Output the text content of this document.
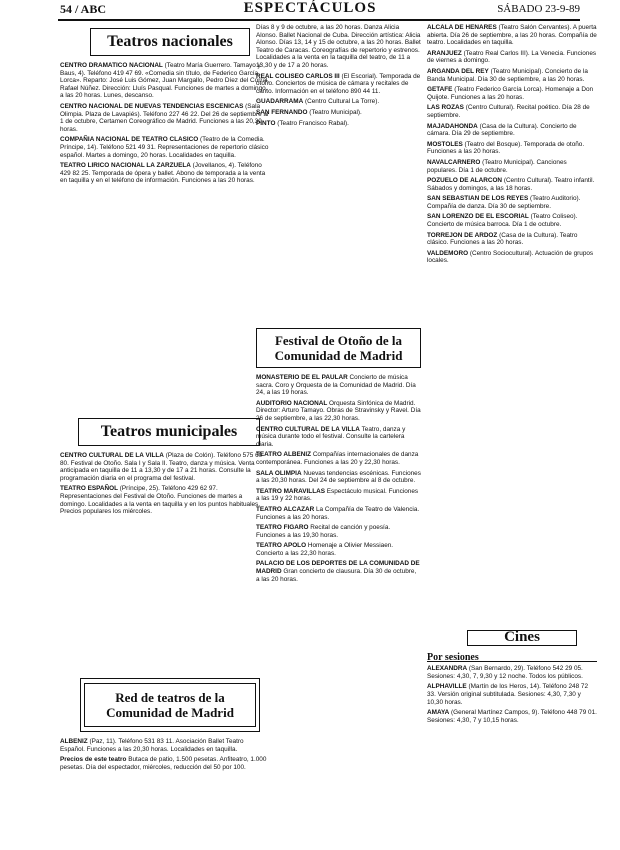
54 / ABC	ESPECTÁCULOS	SÁBADO 23-9-89
Teatros nacionales

CENTRO DRAMATICO NACIONAL (Teatro María Guerrero. Tamayo y Baus, 4). Teléfono 419 47 69. «Comedia sin título, de Federico García Lorca». Reparto: José Luis Gómez, Juan Margallo, Pedro Díez del Corral, Rafael Núñez. Dirección: Lluís Pasqual. Funciones de martes a domingo, a las 20 horas. Lunes, descanso.

CENTRO NACIONAL DE NUEVAS TENDENCIAS ESCENICAS (Sala Olimpia. Plaza de Lavapiés). Teléfono 227 46 22. Del 26 de septiembre al 1 de octubre, Certamen Coreográfico de Madrid. Funciones a las 20,30 horas.

COMPAÑIA NACIONAL DE TEATRO CLASICO (Teatro de la Comedia. Príncipe, 14). Teléfono 521 49 31. Representaciones de repertorio clásico español. Martes a domingo, 20 horas. Localidades en taquilla.

TEATRO LIRICO NACIONAL LA ZARZUELA (Jovellanos, 4). Teléfono 429 82 25. Temporada de ópera y ballet. Abono de temporada a la venta en taquilla y en el teléfono de información. Funciones a las 20 horas.

Teatros municipales

CENTRO CULTURAL DE LA VILLA (Plaza de Colón). Teléfono 575 60 80. Festival de Otoño. Sala I y Sala II. Teatro, danza y música. Venta anticipada en taquilla de 11 a 13,30 y de 17 a 21 horas. Consulte la programación diaria en el programa del festival.

TEATRO ESPAÑOL (Príncipe, 25). Teléfono 429 62 97. Representaciones del Festival de Otoño. Funciones de martes a domingo. Localidades a la venta en taquilla y en los puntos habituales. Precios populares los miércoles.

Red de teatros de la Comunidad de Madrid

ALBENIZ (Paz, 11). Teléfono 531 83 11. Asociación Ballet Teatro Español. Funciones a las 20,30 horas. Localidades en taquilla.

Precios de este teatro Butaca de patio, 1.500 pesetas. Anfiteatro, 1.000 pesetas. Día del espectador, miércoles, reducción del 50 por 100.

Días 8 y 9 de octubre, a las 20 horas. Danza Alicia Alonso. Ballet Nacional de Cuba. Dirección artística: Alicia Alonso. Días 13, 14 y 15 de octubre, a las 20 horas. Ballet Teatro de Caracas. Coreografías de repertorio y estrenos. Localidades a la venta en la taquilla del teatro, de 11 a 13,30 y de 17 a 20 horas.

REAL COLISEO CARLOS III (El Escorial). Temporada de otoño. Conciertos de música de cámara y recitales de canto. Información en el teléfono 890 44 11.

GUADARRAMA (Centro Cultural La Torre).

SAN FERNANDO (Teatro Municipal).

PINTO (Teatro Francisco Rabal).

Festival de Otoño de la Comunidad de Madrid

MONASTERIO DE EL PAULAR Concierto de música sacra. Coro y Orquesta de la Comunidad de Madrid. Día 24, a las 19 horas.

AUDITORIO NACIONAL Orquesta Sinfónica de Madrid. Director: Arturo Tamayo. Obras de Stravinsky y Ravel. Día 26 de septiembre, a las 22,30 horas.

CENTRO CULTURAL DE LA VILLA Teatro, danza y música durante todo el festival. Consulte la cartelera diaria.

TEATRO ALBENIZ Compañías internacionales de danza contemporánea. Funciones a las 20 y 22,30 horas.

SALA OLIMPIA Nuevas tendencias escénicas. Funciones a las 20,30 horas. Del 24 de septiembre al 8 de octubre.

TEATRO MARAVILLAS Espectáculo musical. Funciones a las 19 y 22 horas.

TEATRO ALCAZAR La Compañía de Teatro de Valencia. Funciones a las 20 horas.

TEATRO FIGARO Recital de canción y poesía. Funciones a las 19,30 horas.

TEATRO APOLO Homenaje a Olivier Messiaen. Concierto a las 22,30 horas.

PALACIO DE LOS DEPORTES DE LA COMUNIDAD DE MADRID Gran concierto de clausura. Día 30 de octubre, a las 20 horas.

ALCALA DE HENARES (Teatro Salón Cervantes). A puerta abierta. Día 26 de septiembre, a las 20 horas. Compañía de teatro. Localidades en taquilla.

ARANJUEZ (Teatro Real Carlos III). La Venecia. Funciones de viernes a domingo.

ARGANDA DEL REY (Teatro Municipal). Concierto de la Banda Municipal. Día 30 de septiembre, a las 20 horas.

GETAFE (Teatro Federico García Lorca). Homenaje a Don Quijote. Funciones a las 20 horas.

LAS ROZAS (Centro Cultural). Recital poético. Día 28 de septiembre.

MAJADAHONDA (Casa de la Cultura). Concierto de cámara. Día 29 de septiembre.

MOSTOLES (Teatro del Bosque). Temporada de otoño. Funciones a las 20 horas.

NAVALCARNERO (Teatro Municipal). Canciones populares. Día 1 de octubre.

POZUELO DE ALARCON (Centro Cultural). Teatro infantil. Sábados y domingos, a las 18 horas.

SAN SEBASTIAN DE LOS REYES (Teatro Auditorio). Compañía de danza. Día 30 de septiembre.

SAN LORENZO DE EL ESCORIAL (Teatro Coliseo). Concierto de música barroca. Día 1 de octubre.

TORREJON DE ARDOZ (Casa de la Cultura). Teatro clásico. Funciones a las 20 horas.

VALDEMORO (Centro Sociocultural). Actuación de grupos locales.

Cines
Por sesiones

ALEXANDRA (San Bernardo, 29). Teléfono 542 29 05. Sesiones: 4,30, 7, 9,30 y 12 noche. Todos los públicos.

ALPHAVILLE (Martín de los Heros, 14). Teléfono 248 72 33. Versión original subtitulada. Sesiones: 4,30, 7,30 y 10,30 horas.

AMAYA (General Martínez Campos, 9). Teléfono 448 79 01. Sesiones: 4,30, 7 y 10,15 horas.
